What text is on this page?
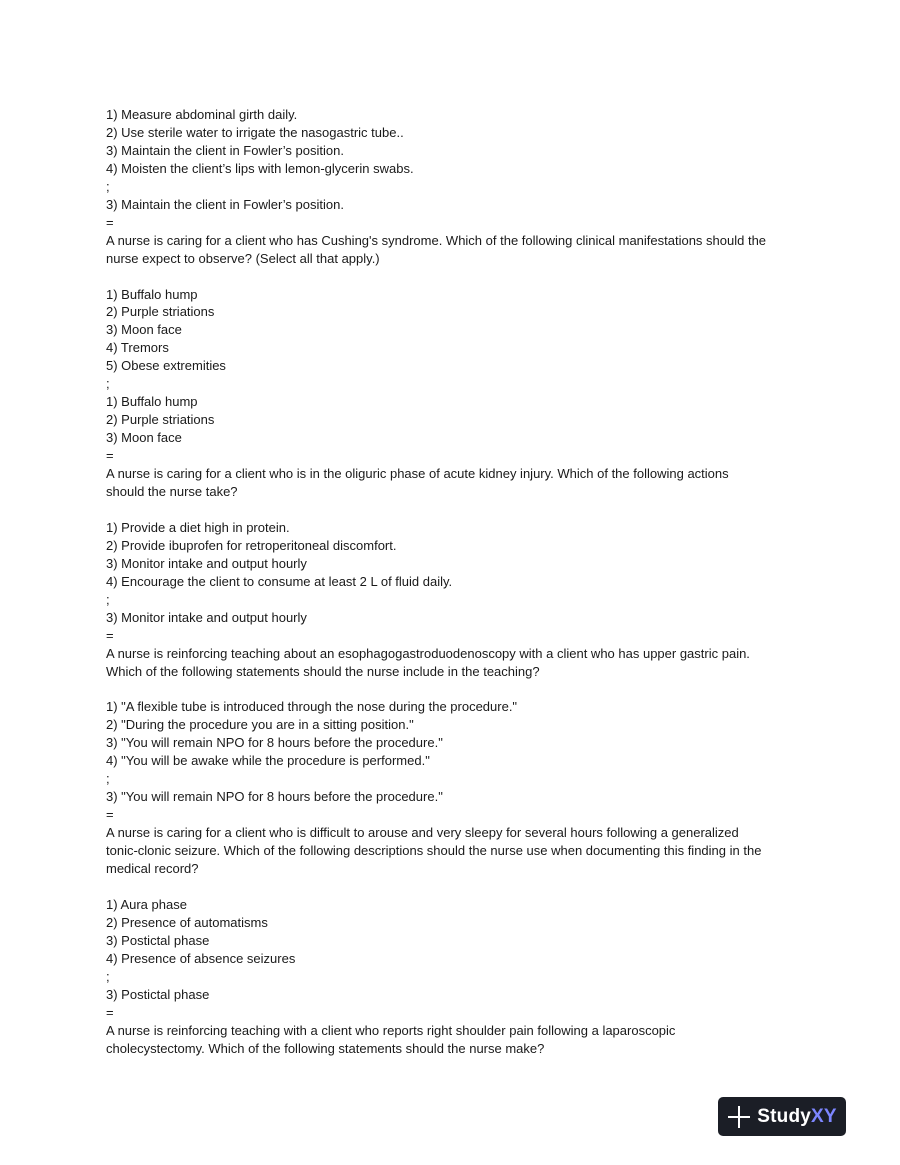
1) Measure abdominal girth daily.

2) Use sterile water to irrigate the nasogastric tube..

3) Maintain the client in Fowler’s position.

4) Moisten the client’s lips with lemon-glycerin swabs.

;

3) Maintain the client in Fowler’s position.

=

A nurse is caring for a client who has Cushing's syndrome. Which of the following clinical manifestations should the

nurse expect to observe? (Select all that apply.)

1) Buffalo hump

2) Purple striations

3) Moon face

4) Tremors

5) Obese extremities

;

1) Buffalo hump

2) Purple striations

3) Moon face

=

A nurse is caring for a client who is in the oliguric phase of acute kidney injury. Which of the following actions

should the nurse take?

1) Provide a diet high in protein.

2) Provide ibuprofen for retroperitoneal discomfort.

3) Monitor intake and output hourly

4) Encourage the client to consume at least 2 L of fluid daily.

;

3) Monitor intake and output hourly

=

A nurse is reinforcing teaching about an esophagogastroduodenoscopy with a client who has upper gastric pain.

Which of the following statements should the nurse include in the teaching?

1) "A flexible tube is introduced through the nose during the procedure."

2) "During the procedure you are in a sitting position."

3) "You will remain NPO for 8 hours before the procedure."

4) "You will be awake while the procedure is performed."

;

3) "You will remain NPO for 8 hours before the procedure."

=

A nurse is caring for a client who is difficult to arouse and very sleepy for several hours following a generalized

tonic-clonic seizure. Which of the following descriptions should the nurse use when documenting this finding in the

medical record?

1) Aura phase

2) Presence of automatisms

3) Postictal phase

4) Presence of absence seizures

;

3) Postictal phase

=

A nurse is reinforcing teaching with a client who reports right shoulder pain following a laparoscopic

cholecystectomy. Which of the following statements should the nurse make?

StudyXY
